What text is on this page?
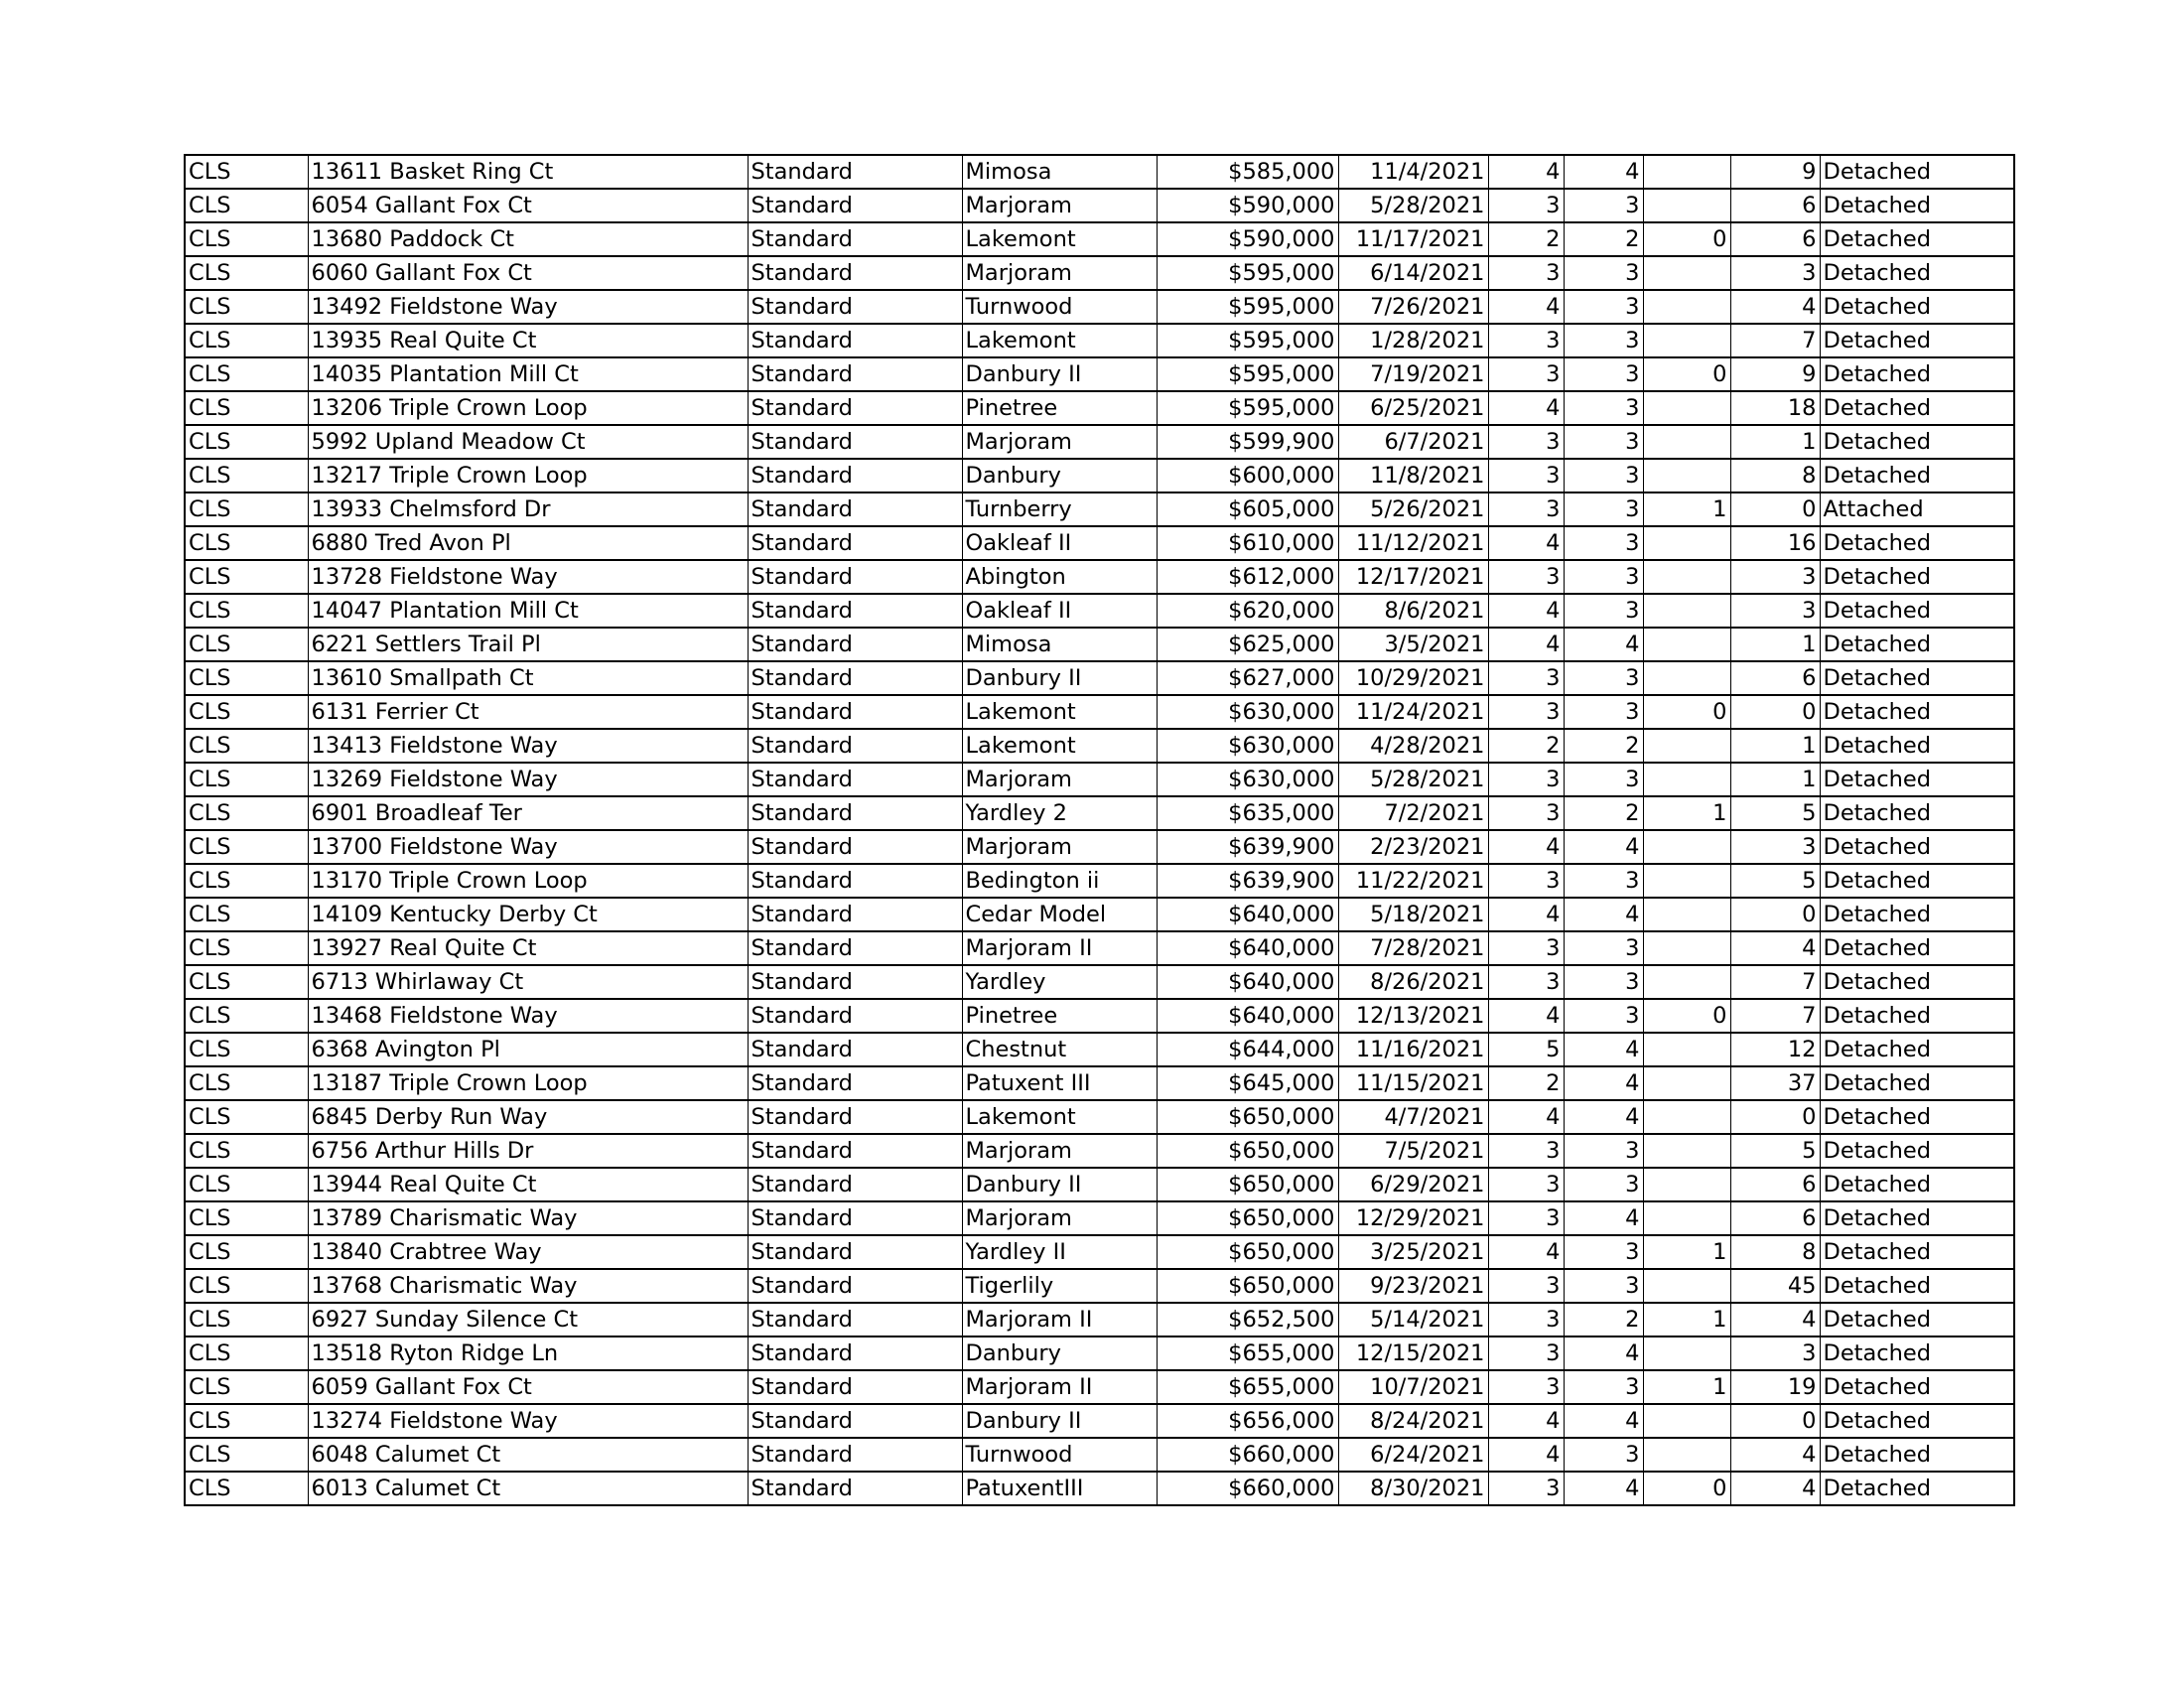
CLS	13611 Basket Ring Ct	Standard	Mimosa	$585,000	11/4/2021	4	4		9	Detached
CLS	6054 Gallant Fox Ct	Standard	Marjoram	$590,000	5/28/2021	3	3		6	Detached
CLS	13680 Paddock Ct	Standard	Lakemont	$590,000	11/17/2021	2	2	0	6	Detached
CLS	6060 Gallant Fox Ct	Standard	Marjoram	$595,000	6/14/2021	3	3		3	Detached
CLS	13492 Fieldstone Way	Standard	Turnwood	$595,000	7/26/2021	4	3		4	Detached
CLS	13935 Real Quite Ct	Standard	Lakemont	$595,000	1/28/2021	3	3		7	Detached
CLS	14035 Plantation Mill Ct	Standard	Danbury II	$595,000	7/19/2021	3	3	0	9	Detached
CLS	13206 Triple Crown Loop	Standard	Pinetree	$595,000	6/25/2021	4	3		18	Detached
CLS	5992 Upland Meadow Ct	Standard	Marjoram	$599,900	6/7/2021	3	3		1	Detached
CLS	13217 Triple Crown Loop	Standard	Danbury	$600,000	11/8/2021	3	3		8	Detached
CLS	13933 Chelmsford Dr	Standard	Turnberry	$605,000	5/26/2021	3	3	1	0	Attached
CLS	6880 Tred Avon Pl	Standard	Oakleaf II	$610,000	11/12/2021	4	3		16	Detached
CLS	13728 Fieldstone Way	Standard	Abington	$612,000	12/17/2021	3	3		3	Detached
CLS	14047 Plantation Mill Ct	Standard	Oakleaf II	$620,000	8/6/2021	4	3		3	Detached
CLS	6221 Settlers Trail Pl	Standard	Mimosa	$625,000	3/5/2021	4	4		1	Detached
CLS	13610 Smallpath Ct	Standard	Danbury II	$627,000	10/29/2021	3	3		6	Detached
CLS	6131 Ferrier Ct	Standard	Lakemont	$630,000	11/24/2021	3	3	0	0	Detached
CLS	13413 Fieldstone Way	Standard	Lakemont	$630,000	4/28/2021	2	2		1	Detached
CLS	13269 Fieldstone Way	Standard	Marjoram	$630,000	5/28/2021	3	3		1	Detached
CLS	6901 Broadleaf Ter	Standard	Yardley 2	$635,000	7/2/2021	3	2	1	5	Detached
CLS	13700 Fieldstone Way	Standard	Marjoram	$639,900	2/23/2021	4	4		3	Detached
CLS	13170 Triple Crown Loop	Standard	Bedington ii	$639,900	11/22/2021	3	3		5	Detached
CLS	14109 Kentucky Derby Ct	Standard	Cedar Model	$640,000	5/18/2021	4	4		0	Detached
CLS	13927 Real Quite Ct	Standard	Marjoram II	$640,000	7/28/2021	3	3		4	Detached
CLS	6713 Whirlaway Ct	Standard	Yardley	$640,000	8/26/2021	3	3		7	Detached
CLS	13468 Fieldstone Way	Standard	Pinetree	$640,000	12/13/2021	4	3	0	7	Detached
CLS	6368 Avington Pl	Standard	Chestnut	$644,000	11/16/2021	5	4		12	Detached
CLS	13187 Triple Crown Loop	Standard	Patuxent III	$645,000	11/15/2021	2	4		37	Detached
CLS	6845 Derby Run Way	Standard	Lakemont	$650,000	4/7/2021	4	4		0	Detached
CLS	6756 Arthur Hills Dr	Standard	Marjoram	$650,000	7/5/2021	3	3		5	Detached
CLS	13944 Real Quite Ct	Standard	Danbury II	$650,000	6/29/2021	3	3		6	Detached
CLS	13789 Charismatic Way	Standard	Marjoram	$650,000	12/29/2021	3	4		6	Detached
CLS	13840 Crabtree Way	Standard	Yardley II	$650,000	3/25/2021	4	3	1	8	Detached
CLS	13768 Charismatic Way	Standard	Tigerlily	$650,000	9/23/2021	3	3		45	Detached
CLS	6927 Sunday Silence Ct	Standard	Marjoram II	$652,500	5/14/2021	3	2	1	4	Detached
CLS	13518 Ryton Ridge Ln	Standard	Danbury	$655,000	12/15/2021	3	4		3	Detached
CLS	6059 Gallant Fox Ct	Standard	Marjoram II	$655,000	10/7/2021	3	3	1	19	Detached
CLS	13274 Fieldstone Way	Standard	Danbury II	$656,000	8/24/2021	4	4		0	Detached
CLS	6048 Calumet Ct	Standard	Turnwood	$660,000	6/24/2021	4	3		4	Detached
CLS	6013 Calumet Ct	Standard	PatuxentIII	$660,000	8/30/2021	3	4	0	4	Detached
